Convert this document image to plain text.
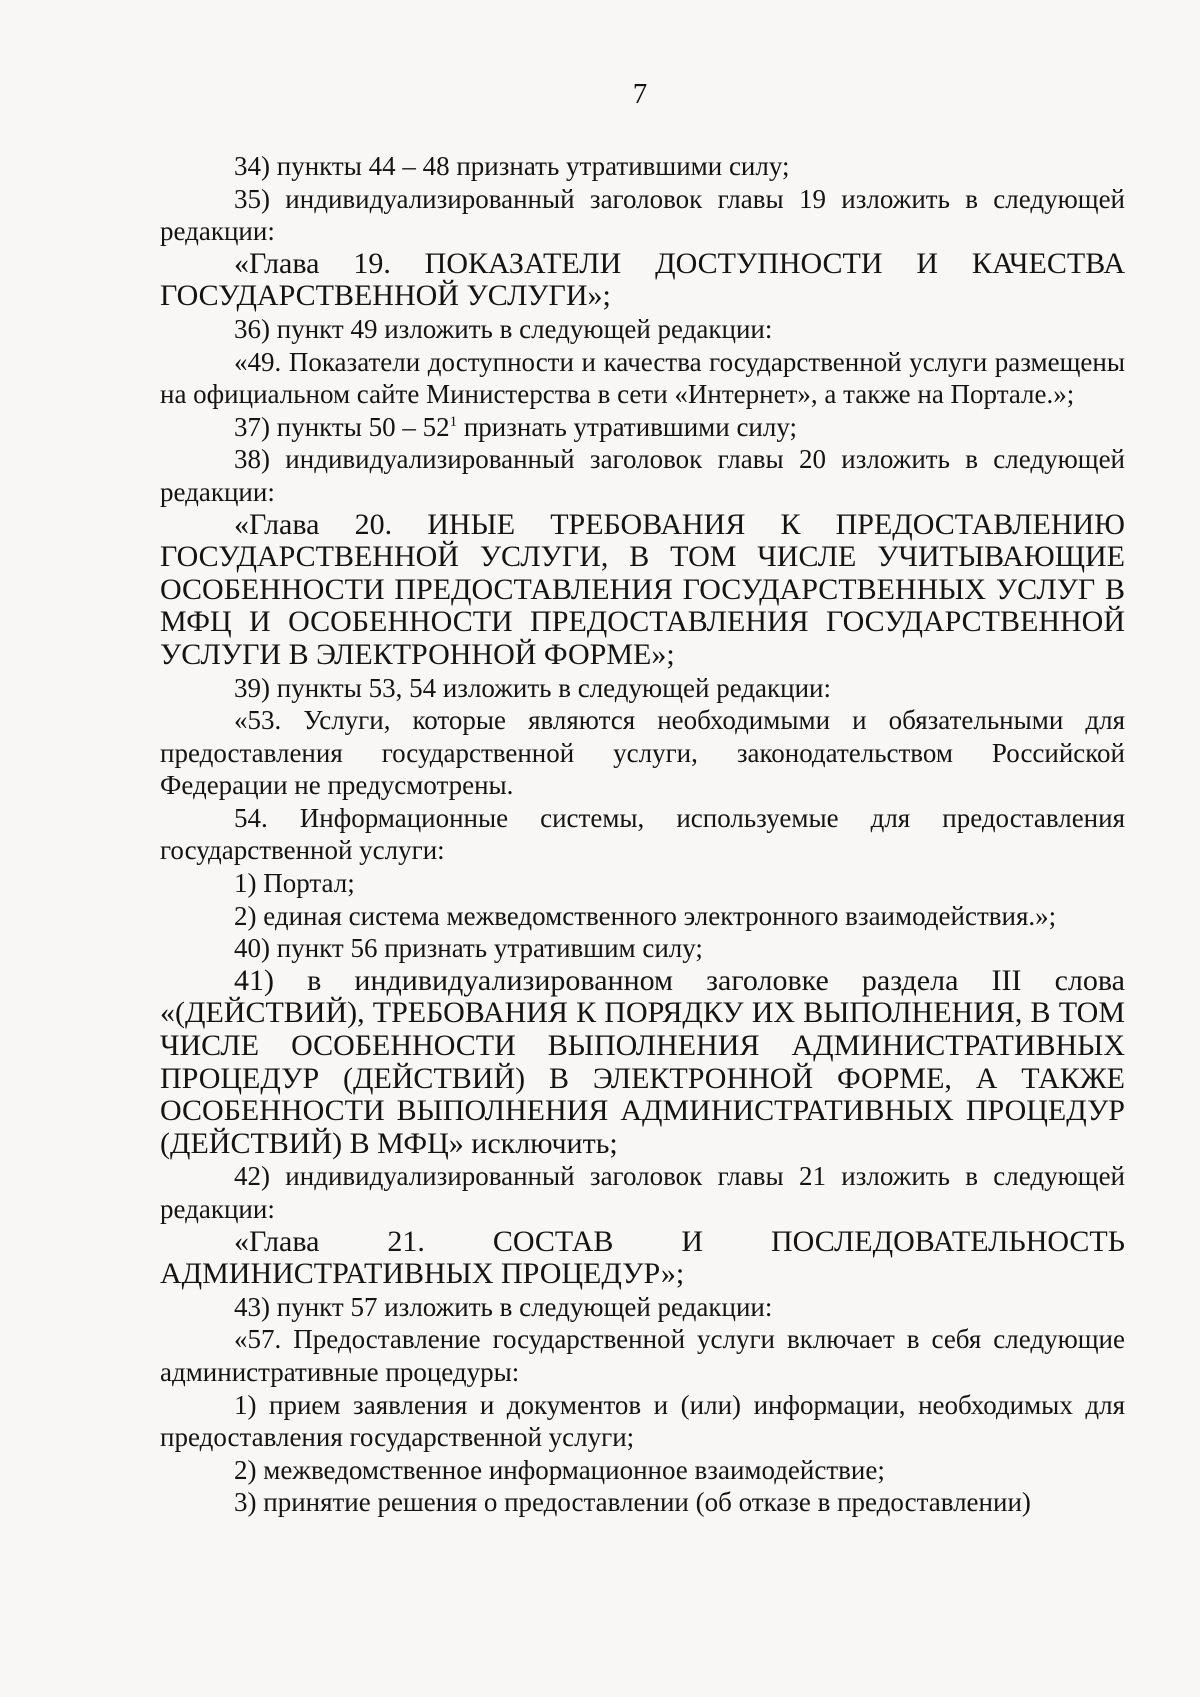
7

34) пункты 44 – 48 признать утратившими силу;

35) индивидуализированный заголовок главы 19 изложить в следующей редакции:

«Глава 19. ПОКАЗАТЕЛИ ДОСТУПНОСТИ И КАЧЕСТВА ГОСУДАРСТВЕННОЙ УСЛУГИ»;

36) пункт 49 изложить в следующей редакции:

«49. Показатели доступности и качества государственной услуги размещены на официальном сайте Министерства в сети «Интернет», а также на Портале.»;

37) пункты $50 - 52^1$ признать утратившими силу;

38) индивидуализированный заголовок главы 20 изложить в следующей редакции:

«Глава 20. ИНЫЕ ТРЕБОВАНИЯ К ПРЕДОСТАВЛЕНИЮ ГОСУДАРСТВЕННОЙ УСЛУГИ, В ТОМ ЧИСЛЕ УЧИТЫВАЮЩИЕ ОСОБЕННОСТИ ПРЕДОСТАВЛЕНИЯ ГОСУДАРСТВЕННЫХ УСЛУГ В МФЦ И ОСОБЕННОСТИ ПРЕДОСТАВЛЕНИЯ ГОСУДАРСТВЕННОЙ УСЛУГИ В ЭЛЕКТРОННОЙ ФОРМЕ»;

39) пункты 53, 54 изложить в следующей редакции:

«53. Услуги, которые являются необходимыми и обязательными для предоставления государственной услуги, законодательством Российской Федерации не предусмотрены.

54. Информационные системы, используемые для предоставления государственной услуги:

1) Портал;

2) единая система межведомственного электронного взаимодействия.»;

40) пункт 56 признать утратившим силу;

41) в индивидуализированном заголовке раздела III слова «(ДЕЙСТВИЙ), ТРЕБОВАНИЯ К ПОРЯДКУ ИХ ВЫПОЛНЕНИЯ, В ТОМ ЧИСЛЕ ОСОБЕННОСТИ ВЫПОЛНЕНИЯ АДМИНИСТРАТИВНЫХ ПРОЦЕДУР (ДЕЙСТВИЙ) В ЭЛЕКТРОННОЙ ФОРМЕ, А ТАКЖЕ ОСОБЕННОСТИ ВЫПОЛНЕНИЯ АДМИНИСТРАТИВНЫХ ПРОЦЕДУР (ДЕЙСТВИЙ) В МФЦ» исключить;

42) индивидуализированный заголовок главы 21 изложить в следующей редакции:

«Глава 21. СОСТАВ И ПОСЛЕДОВАТЕЛЬНОСТЬ АДМИНИСТРАТИВНЫХ ПРОЦЕДУР»;

43) пункт 57 изложить в следующей редакции:

«57. Предоставление государственной услуги включает в себя следующие административные процедуры:

1) прием заявления и документов и (или) информации, необходимых для предоставления государственной услуги;

2) межведомственное информационное взаимодействие;

3) принятие решения о предоставлении (об отказе в предоставлении)
